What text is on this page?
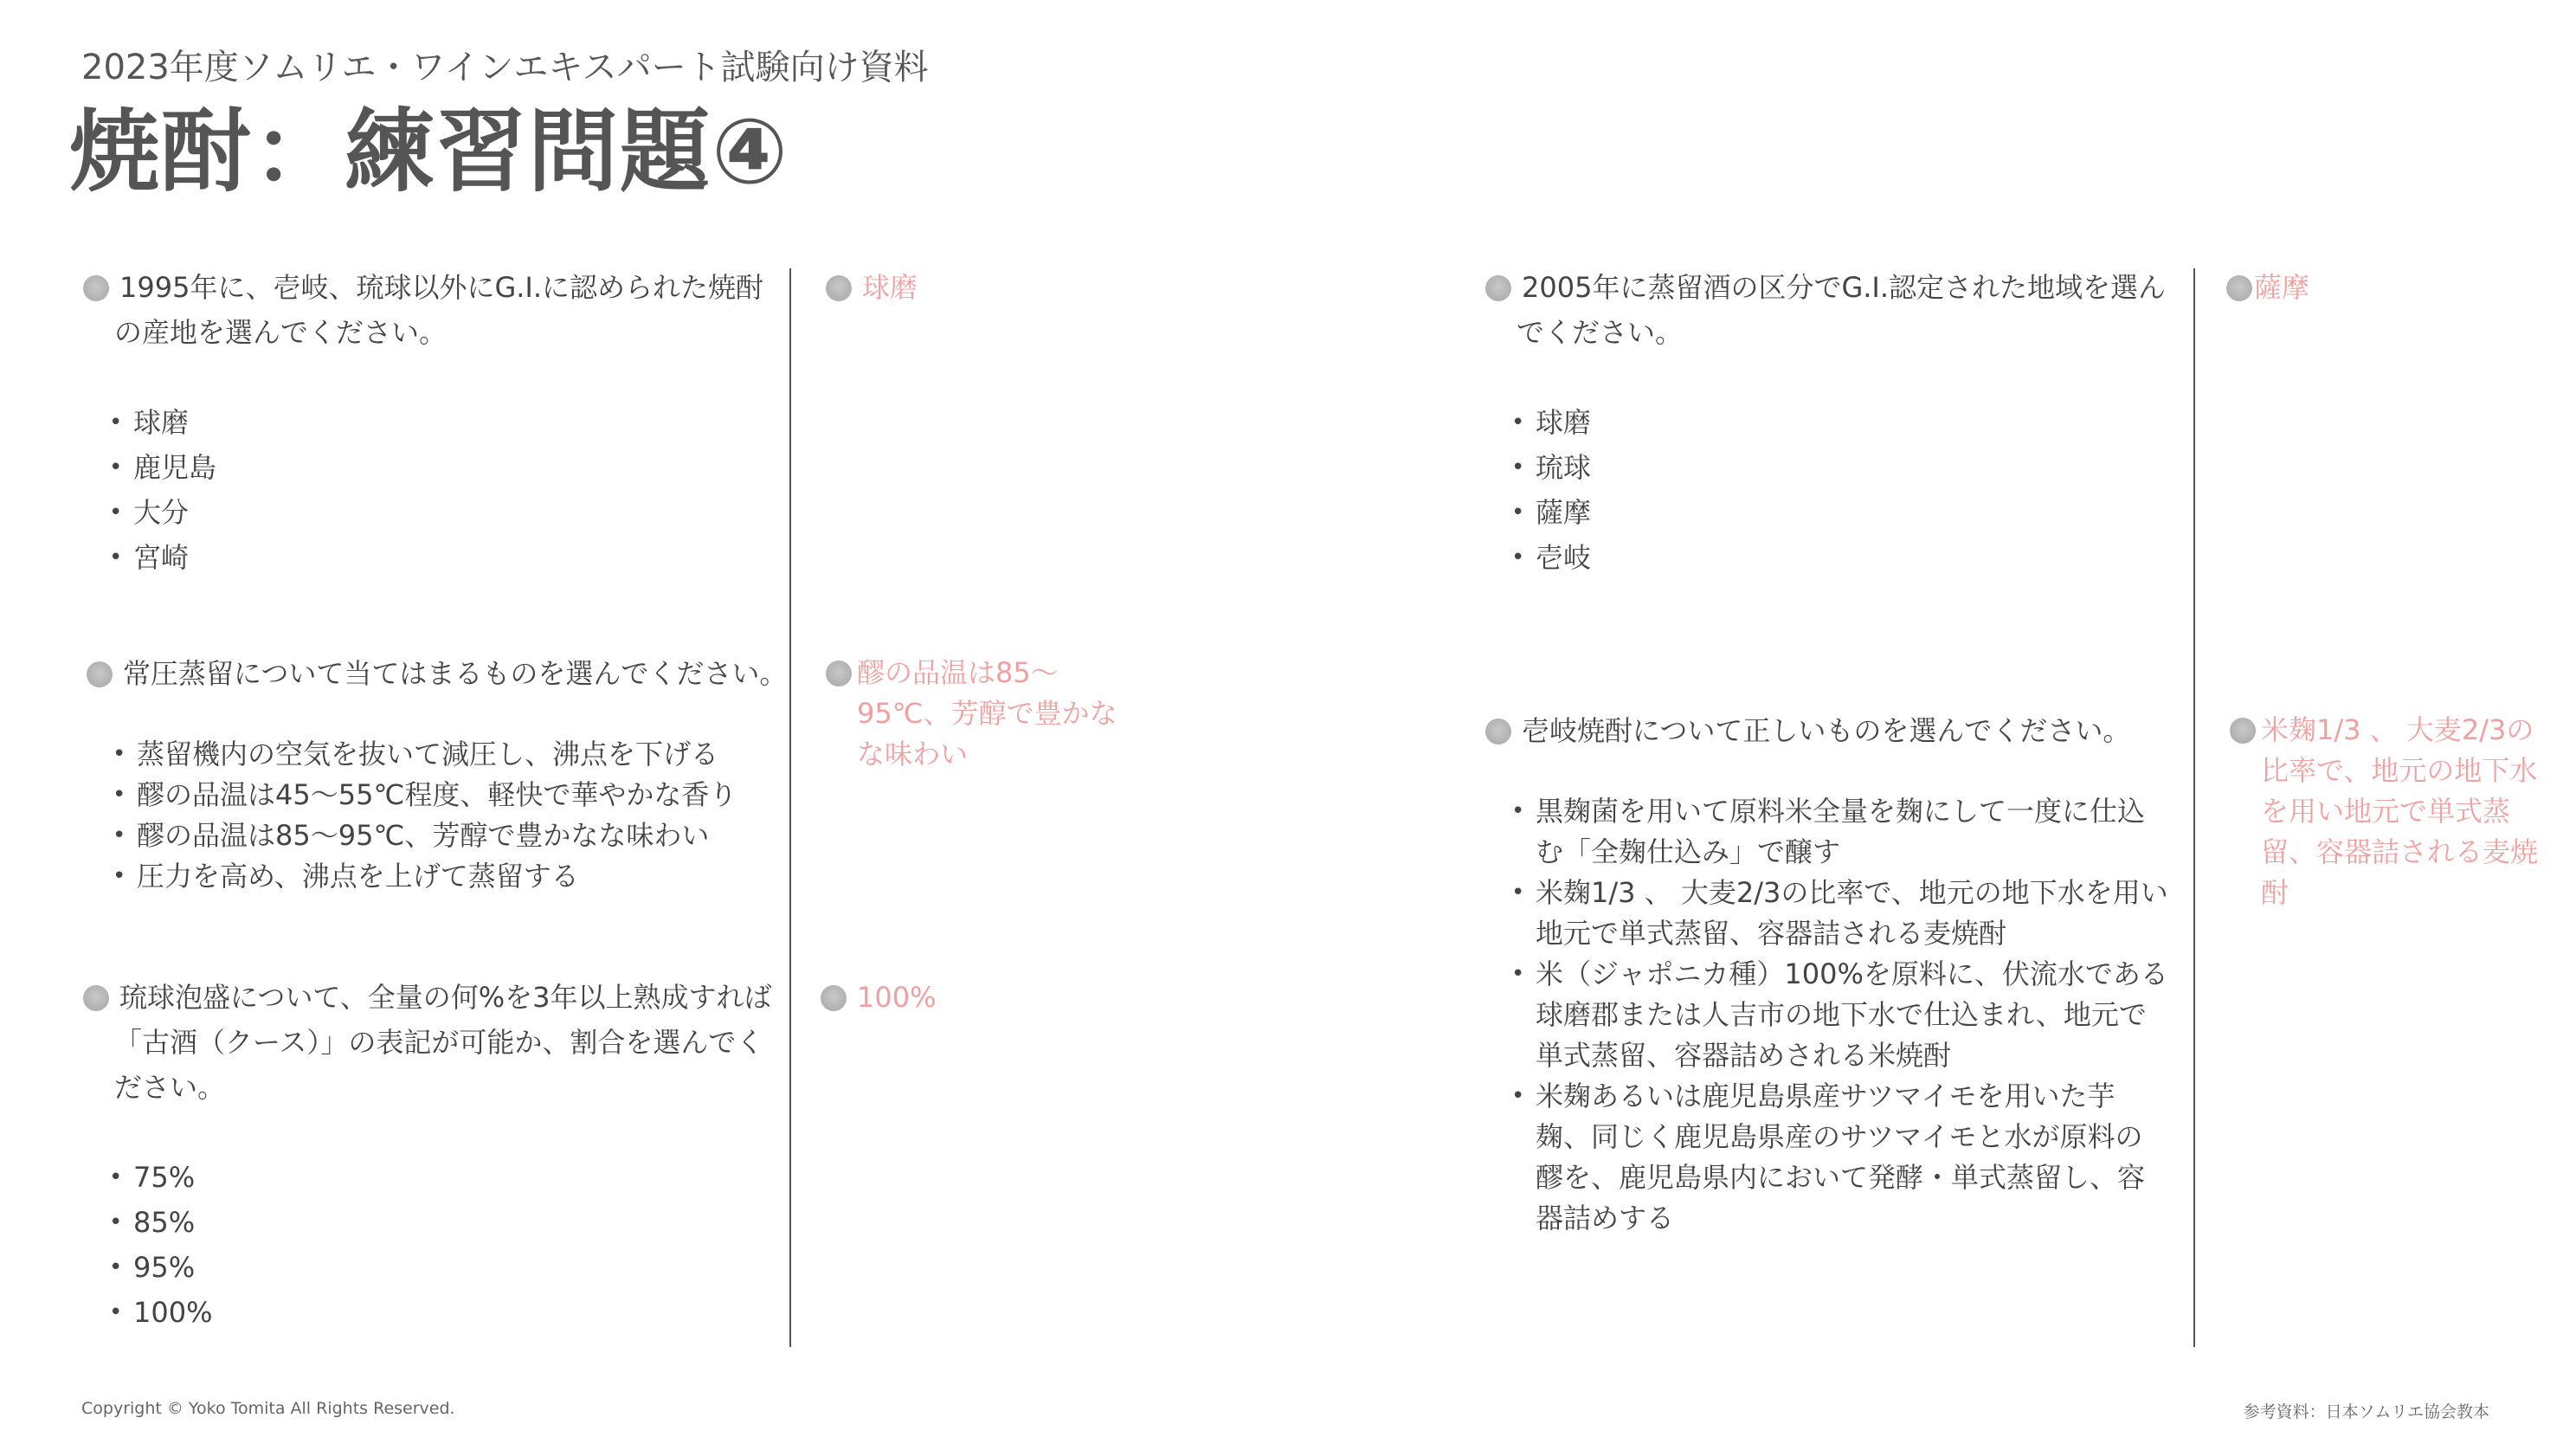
2023年度ソムリエ・ワインエキスパート試験向け資料
焼酎：練習問題④
1995年に、壱岐、琉球以外にG.I.に認められた焼酎の産地を選んでください。
• 球磨
• 鹿児島
• 大分
• 宮崎
球磨
常圧蒸留について当てはまるものを選んでください。
• 蒸留機内の空気を抜いて減圧し、沸点を下げる
• 醪の品温は45〜55℃程度、軽快で華やかな香り
• 醪の品温は85〜95℃、芳醇で豊かなな味わい
• 圧力を高め、沸点を上げて蒸留する
醪の品温は85〜95℃、芳醇で豊かなな味わい
琉球泡盛について、全量の何%を3年以上熟成すれば「古酒（クース）」の表記が可能か、割合を選んでください。
• 75%
• 85%
• 95%
• 100%
100%
2005年に蒸留酒の区分でG.I.認定された地域を選んでください。
• 球磨
• 琉球
• 薩摩
• 壱岐
薩摩
壱岐焼酎について正しいものを選んでください。
• 黒麹菌を用いて原料米全量を麹にして一度に仕込む「全麹仕込み」で醸す
• 米麹1/3 、 大麦2/3の比率で、地元の地下水を用い地元で単式蒸留、容器詰される麦焼酎
• 米（ジャポニカ種）100%を原料に、伏流水である球磨郡または人吉市の地下水で仕込まれ、地元で単式蒸留、容器詰めされる米焼酎
• 米麹あるいは鹿児島県産サツマイモを用いた芋麹、同じく鹿児島県産のサツマイモと水が原料の醪を、鹿児島県内において発酵・単式蒸留し、容器詰めする
米麹1/3 、 大麦2/3の比率で、地元の地下水を用い地元で単式蒸留、容器詰される麦焼酎
Copyright © Yoko Tomita All Rights Reserved.	参考資料：日本ソムリエ協会教本
